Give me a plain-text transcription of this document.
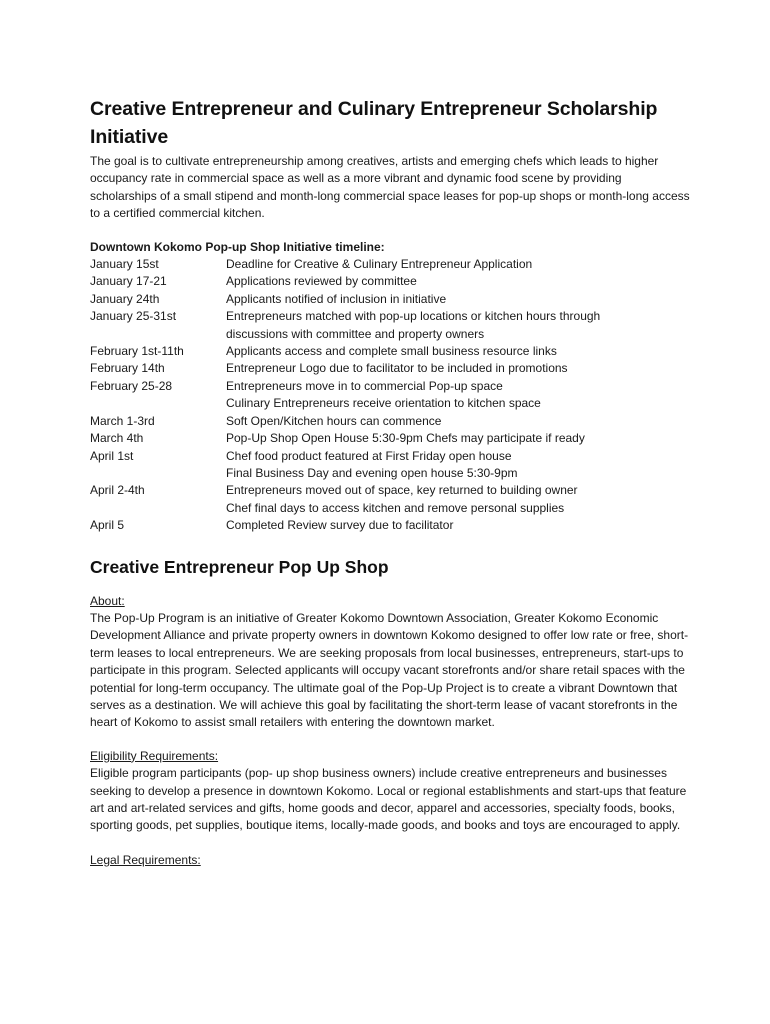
Creative Entrepreneur and Culinary Entrepreneur Scholarship Initiative

The goal is to cultivate entrepreneurship among creatives, artists and emerging chefs which leads to higher occupancy rate in commercial space as well as a more vibrant and dynamic food scene by providing scholarships of a small stipend and month-long commercial space leases for pop-up shops or month-long access to a certified commercial kitchen.

Downtown Kokomo Pop-up Shop Initiative timeline:
January 15st	Deadline for Creative & Culinary Entrepreneur Application
January 17-21	Applications reviewed by committee
January 24th	Applicants notified of inclusion in initiative
January 25-31st	Entrepreneurs matched with pop-up locations or kitchen hours through
discussions with committee and property owners
February 1st-11th	Applicants access and complete small business resource links
February 14th	Entrepreneur Logo due to facilitator to be included in promotions
February 25-28	Entrepreneurs move in to commercial Pop-up space
Culinary Entrepreneurs receive orientation to kitchen space
March 1-3rd	Soft Open/Kitchen hours can commence
March 4th	Pop-Up Shop Open House 5:30-9pm Chefs may participate if ready
April 1st	Chef food product featured at First Friday open house
Final Business Day and evening open house 5:30-9pm
April 2-4th	Entrepreneurs moved out of space, key returned to building owner
Chef final days to access kitchen and remove personal supplies
April 5	Completed Review survey due to facilitator
Creative Entrepreneur Pop Up Shop
About:

The Pop-Up Program is an initiative of Greater Kokomo Downtown Association, Greater Kokomo Economic Development Alliance and private property owners in downtown Kokomo designed to offer low rate or free, short-term leases to local entrepreneurs. We are seeking proposals from local businesses, entrepreneurs, start-ups to participate in this program. Selected applicants will occupy vacant storefronts and/or share retail spaces with the potential for long-term occupancy. The ultimate goal of the Pop-Up Project is to create a vibrant Downtown that serves as a destination. We will achieve this goal by facilitating the short-term lease of vacant storefronts in the heart of Kokomo to assist small retailers with entering the downtown market.

Eligibility Requirements:

Eligible program participants (pop- up shop business owners) include creative entrepreneurs and businesses seeking to develop a presence in downtown Kokomo. Local or regional establishments and start-ups that feature art and art-related services and gifts, home goods and decor, apparel and accessories, specialty foods, books, sporting goods, pet supplies, boutique items, locally-made goods, and books and toys are encouraged to apply.

Legal Requirements:
